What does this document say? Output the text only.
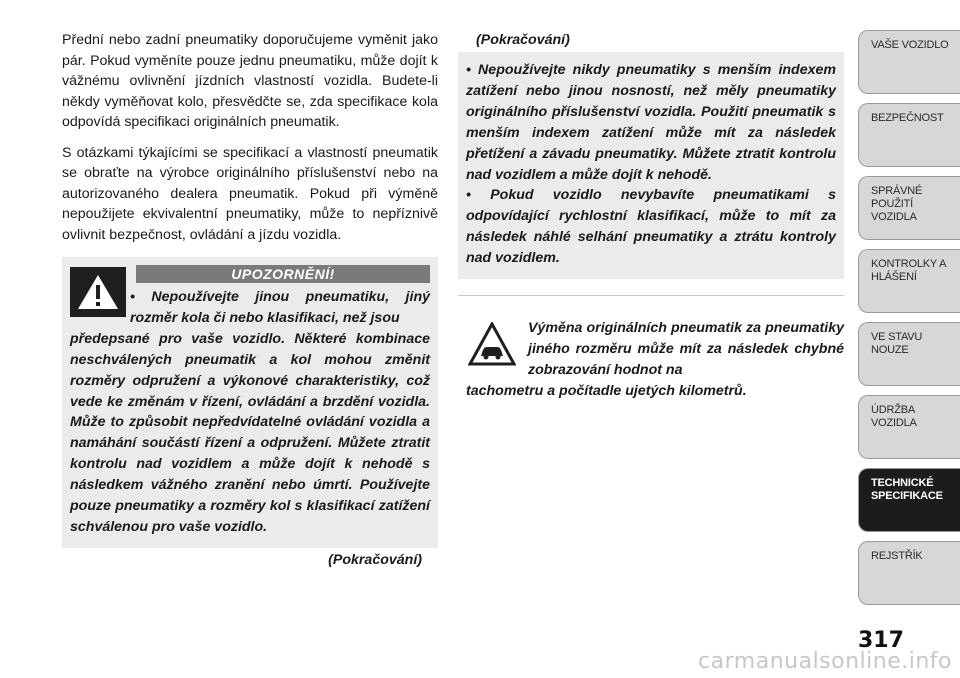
Přední nebo zadní pneumatiky doporučujeme vyměnit jako pár. Pokud vyměníte pouze jednu pneumatiku, může dojít k vážnému ovlivnění jízdních vlastností vozidla. Budete-li někdy vyměňovat kolo, přesvědčte se, zda specifikace kola odpovídá specifikaci originálních pneumatik.

S otázkami týkajícími se specifikací a vlastností pneumatik se obraťte na výrobce originálního příslušenství nebo na autorizovaného dealera pneumatik. Pokud při výměně nepoužijete ekvivalentní pneumatiky, může to nepříznivě ovlivnit bezpečnost, ovládání a jízdu vozidla.

UPOZORNĚNÍ!

• Nepoužívejte jinou pneumatiku, jiný rozměr kola či nebo klasifikaci, než jsou
předepsané pro vaše vozidlo. Některé kombinace neschválených pneumatik a kol mohou změnit rozměry odpružení a výkonové charakteristiky, což vede ke změnám v řízení, ovládání a brzdění vozidla. Může to způsobit nepředvídatelné ovládání vozidla a namáhání součástí řízení a odpružení. Můžete ztratit kontrolu nad vozidlem a může dojít k nehodě s následkem vážného zranění nebo úmrtí. Používejte pouze pneumatiky a rozměry kol s klasifikací zatížení schválenou pro vaše vozidlo.

(Pokračování)
(Pokračování)

• Nepoužívejte nikdy pneumatiky s menším indexem zatížení nebo jinou nosností, než měly pneumatiky originálního příslušenství vozidla. Použití pneumatik s menším indexem zatížení může mít za následek přetížení a závadu pneumatiky. Můžete ztratit kontrolu nad vozidlem a může dojít k nehodě.

• Pokud vozidlo nevybavíte pneumatikami s odpovídající rychlostní klasifikací, může to mít za následek náhlé selhání pneumatiky a ztrátu kontroly nad vozidlem.

Výměna originálních pneumatik za pneumatiky jiného rozměru může mít za následek chybné zobrazování hodnot na
tachometru a počítadle ujetých kilometrů.

VAŠE VOZIDLO
BEZPEČNOST
SPRÁVNÉ POUŽITÍ VOZIDLA
KONTROLKY A HLÁŠENÍ
VE STAVU NOUZE
ÚDRŽBA VOZIDLA
TECHNICKÉ SPECIFIKACE
REJSTŘÍK
317
carmanualsonline.info
